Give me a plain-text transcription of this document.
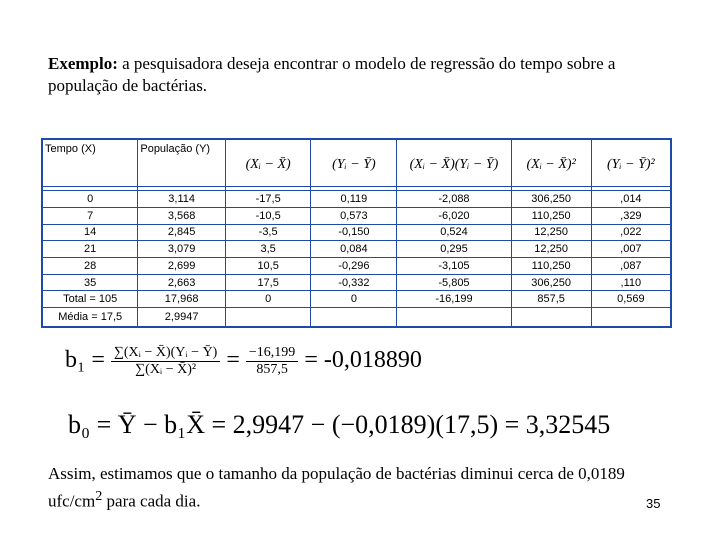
Exemplo: a pesquisadora deseja encontrar o modelo de regressão do tempo sobre a população de bactérias.
Tempo (X)	População (Y)	(Xᵢ − X̄)	(Yᵢ − Ȳ)	(Xᵢ − X̄)(Yᵢ − Ȳ)	(Xᵢ − X̄)²	(Yᵢ − Ȳ)²

0	3,114	-17,5	0,119	-2,088	306,250	,014
7	3,568	-10,5	0,573	-6,020	110,250	,329
14	2,845	-3,5	-0,150	0,524	12,250	,022
21	3,079	3,5	0,084	0,295	12,250	,007
28	2,699	10,5	-0,296	-3,105	110,250	,087
35	2,663	17,5	-0,332	-5,805	306,250	,110
Total = 105	17,968	0	0	-16,199	857,5	0,569
Média = 17,5	2,9947					
$b_1 = \frac{\text{∑(Xᵢ − X̄)(Yᵢ − Ȳ)}}{\text{∑(Xᵢ − X̄)²}} = \frac{-16,199}{857,5} = -0,018890$
b₀ = Ȳ − b₁X̄ = 2,9947 − (−0,0189)(17,5) = 3,32545
Assim, estimamos que o tamanho da população de bactérias diminui cerca de 0,0189 ufc/$cm^2$ para cada dia.	35
